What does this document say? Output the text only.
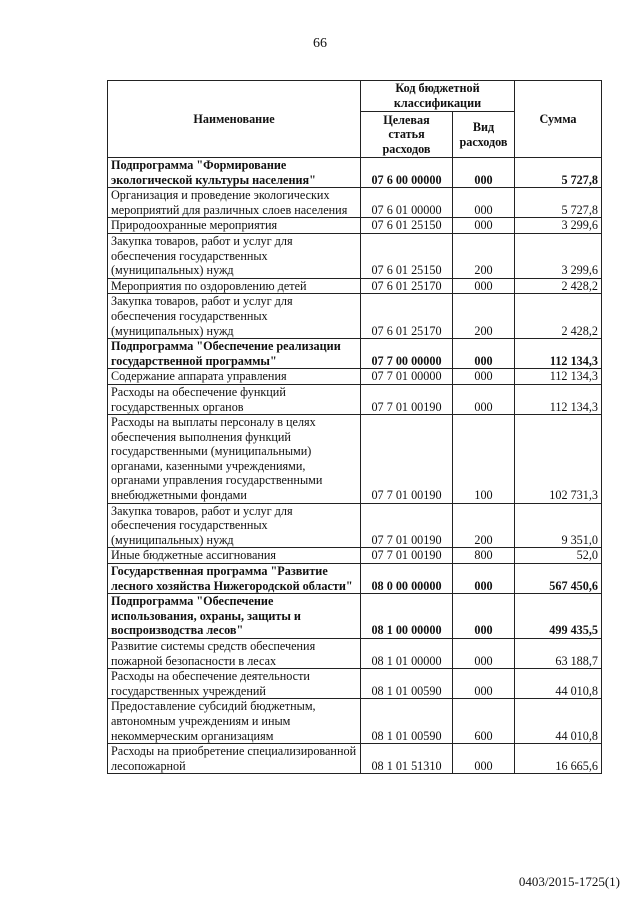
66
Наименование	Код бюджетной классификации		Сумма
	Целевая статья расходов	Вид расходов	
Подпрограмма "Формирование экологической культуры населения"	07 6 00 00000	000	5 727,8
Организация и проведение экологических мероприятий для различных слоев населения	07 6 01 00000	000	5 727,8
Природоохранные мероприятия	07 6 01 25150	000	3 299,6
Закупка товаров, работ и услуг для обеспечения государственных (муниципальных) нужд	07 6 01 25150	200	3 299,6
Мероприятия по оздоровлению детей	07 6 01 25170	000	2 428,2
Закупка товаров, работ и услуг для обеспечения государственных (муниципальных) нужд	07 6 01 25170	200	2 428,2
Подпрограмма "Обеспечение реализации государственной программы"	07 7 00 00000	000	112 134,3
Содержание аппарата управления	07 7 01 00000	000	112 134,3
Расходы на обеспечение функций государственных органов	07 7 01 00190	000	112 134,3
Расходы на выплаты персоналу в целях обеспечения выполнения функций государственными (муниципальными) органами, казенными учреждениями, органами управления государственными внебюджетными фондами	07 7 01 00190	100	102 731,3
Закупка товаров, работ и услуг для обеспечения государственных (муниципальных) нужд	07 7 01 00190	200	9 351,0
Иные бюджетные ассигнования	07 7 01 00190	800	52,0
Государственная программа "Развитие лесного хозяйства Нижегородской области"	08 0 00 00000	000	567 450,6
Подпрограмма "Обеспечение использования, охраны, защиты и воспроизводства лесов"	08 1 00 00000	000	499 435,5
Развитие системы средств обеспечения пожарной безопасности в лесах	08 1 01 00000	000	63 188,7
Расходы на обеспечение деятельности государственных учреждений	08 1 01 00590	000	44 010,8
Предоставление субсидий бюджетным, автономным учреждениям и иным некоммерческим организациям	08 1 01 00590	600	44 010,8
Расходы на приобретение специализированной лесопожарной	08 1 01 51310	000	16 665,6
0403/2015-1725(1)
